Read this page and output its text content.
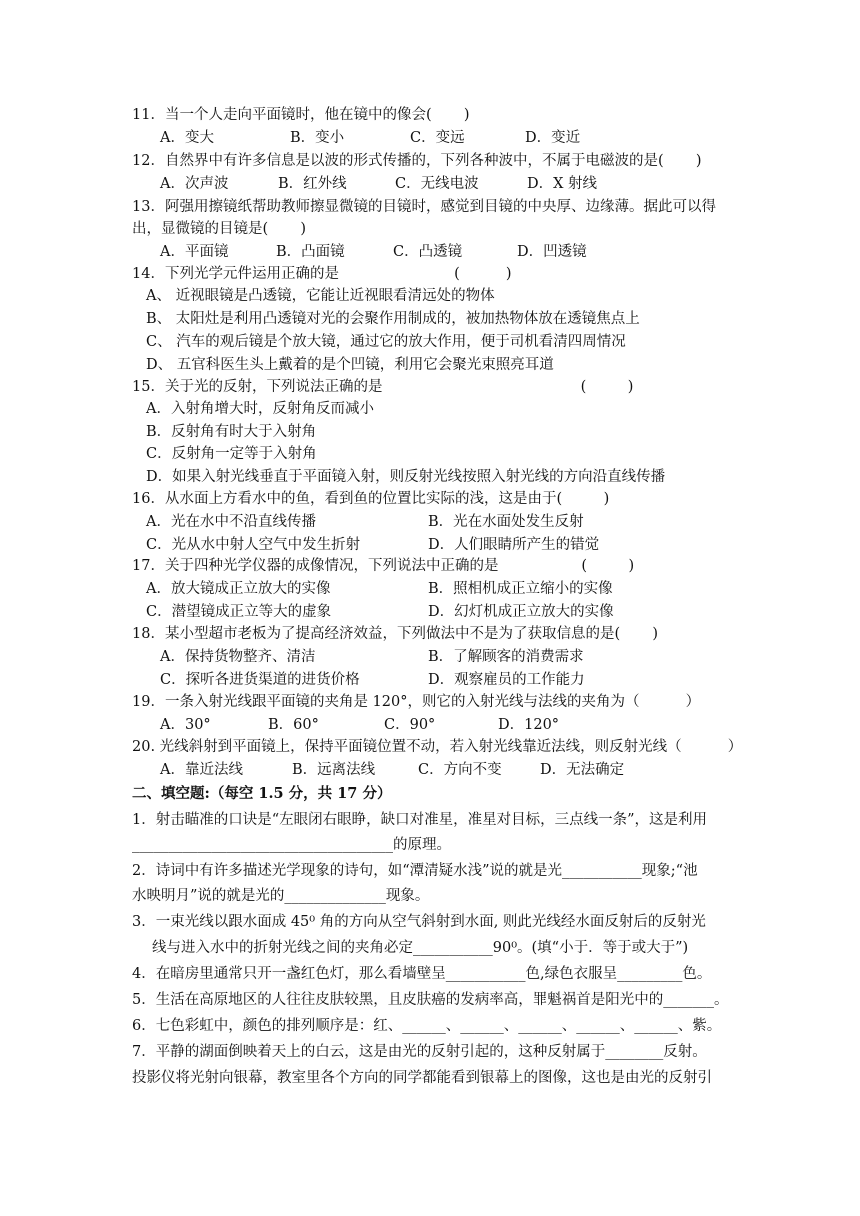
11．当一个人走向平面镜时，他在镜中的像会(       )
A．变大	B．变小	C．变远	D．变近
12．自然界中有许多信息是以波的形式传播的，下列各种波中，不属于电磁波的是(       )
A．次声波	B．红外线	C．无线电波	D．X 射线
13．阿强用擦镜纸帮助教师擦显微镜的目镜时，感觉到目镜的中央厚、边缘薄。据此可以得
出，显微镜的目镜是(       )
A．平面镜	B．凸面镜	C．凸透镜	D．凹透镜
14．下列光学元件运用正确的是                         (          )
A、 近视眼镜是凸透镜，它能让近视眼看清远处的物体
B、 太阳灶是利用凸透镜对光的会聚作用制成的，被加热物体放在透镜焦点上
C、 汽车的观后镜是个放大镜，通过它的放大作用，便于司机看清四周情况
D、 五官科医生头上戴着的是个凹镜，利用它会聚光束照亮耳道
15．关于光的反射，下列说法正确的是                                           (         )
A．入射角增大时，反射角反而减小
B．反射角有时大于入射角
C．反射角一定等于入射角
D．如果入射光线垂直于平面镜入射，则反射光线按照入射光线的方向沿直线传播
16．从水面上方看水中的鱼，看到鱼的位置比实际的浅，这是由于(         )
A．光在水中不沿直线传播	B．光在水面处发生反射
C．光从水中射人空气中发生折射	D．人们眼睛所产生的错觉
17．关于四种光学仪器的成像情况，下列说法中正确的是                  (         )
A．放大镜成正立放大的实像	B．照相机成正立缩小的实像
C．潜望镜成正立等大的虚象	D．幻灯机成正立放大的实像
18．某小型超市老板为了提高经济效益，下列做法中不是为了获取信息的是(       )
A．保持货物整齐、清洁	B．了解顾客的消费需求
C．探听各进货渠道的进货价格	D．观察雇员的工作能力
19．一条入射光线跟平面镜的夹角是 120°，则它的入射光线与法线的夹角为（          ）
A．30°	B．60°	C．90°	D．120°
20. 光线斜射到平面镜上，保持平面镜位置不动，若入射光线靠近法线，则反射光线（          ）
A．靠近法线	B．远离法线	C．方向不变	D．无法确定
二、填空题:（每空 1.5 分，共 17 分）
1．射击瞄准的口诀是“左眼闭右眼睁，缺口对准星，准星对目标，三点线一条”，这是利用
____________________________________的原理。
2．诗词中有许多描述光学现象的诗句，如“潭清疑水浅”说的就是光___________现象;“池
水映明月”说的就是光的______________现象。
3．一束光线以跟水面成 45⁰ 角的方向从空气斜射到水面, 则此光线经水面反射后的反射光
线与进入水中的折射光线之间的夹角必定___________90⁰。(填“小于．等于或大于”)
4．在暗房里通常只开一盏红色灯，那么看墙壁呈___________色,绿色衣服呈_________色。
5．生活在高原地区的人往往皮肤较黑，且皮肤癌的发病率高，罪魁祸首是阳光中的_______。
6．七色彩虹中，颜色的排列顺序是：红、______、______、______、______、______、紫。
7．平静的湖面倒映着天上的白云，这是由光的反射引起的，这种反射属于________反射。
投影仪将光射向银幕，教室里各个方向的同学都能看到银幕上的图像，这也是由光的反射引
